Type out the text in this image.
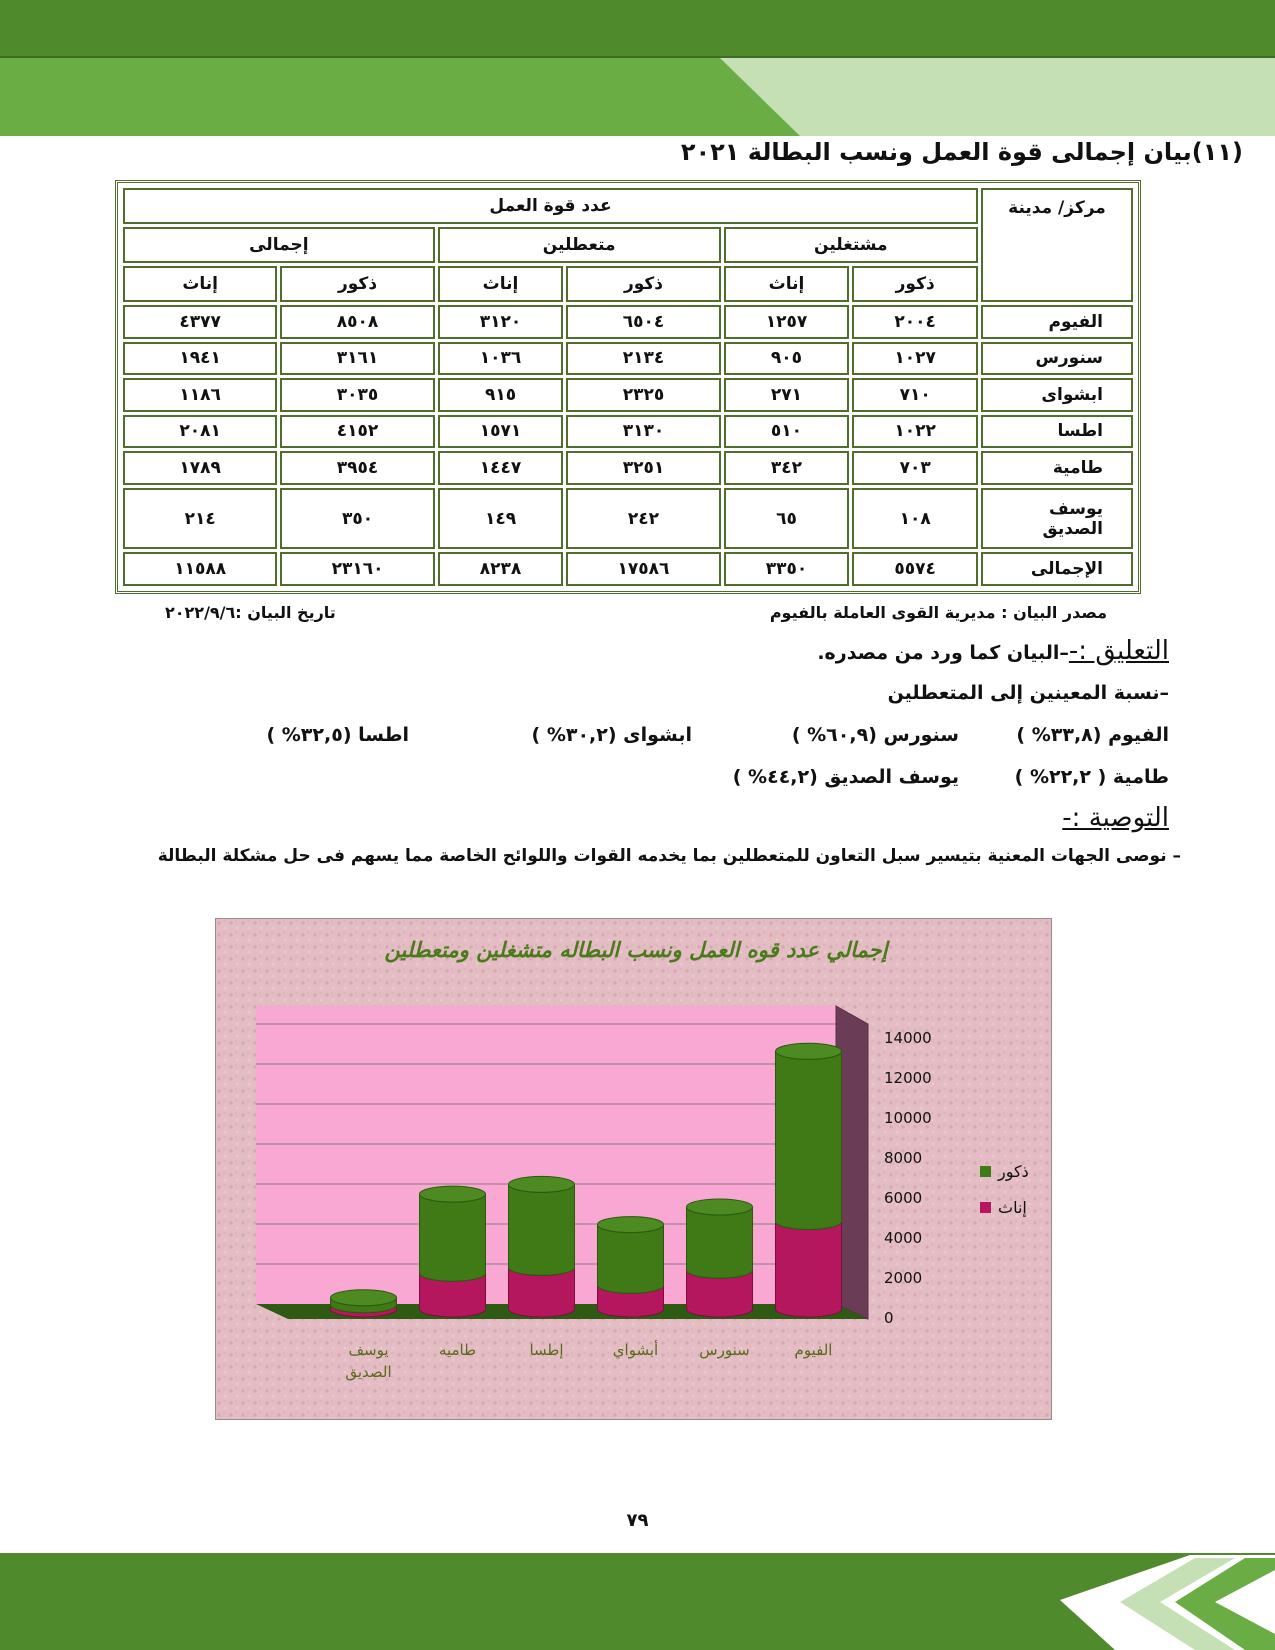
(١١)بيان إجمالى قوة العمل ونسب البطالة ٢٠٢١
مركز/ مدينة	عدد قوة العمل					
	مشتغلين		متعطلين		إجمالى	
	ذكور	إناث	ذكور	إناث	ذكور	إناث
الفيوم	٢٠٠٤	١٢٥٧	٦٥٠٤	٣١٢٠	٨٥٠٨	٤٣٧٧
سنورس	١٠٢٧	٩٠٥	٢١٣٤	١٠٣٦	٣١٦١	١٩٤١
ابشواى	٧١٠	٢٧١	٢٣٢٥	٩١٥	٣٠٣٥	١١٨٦
اطسا	١٠٢٢	٥١٠	٣١٣٠	١٥٧١	٤١٥٢	٢٠٨١
طامية	٧٠٣	٣٤٢	٣٢٥١	١٤٤٧	٣٩٥٤	١٧٨٩
يوسف الصديق	١٠٨	٦٥	٢٤٢	١٤٩	٣٥٠	٢١٤
الإجمالى	٥٥٧٤	٣٣٥٠	١٧٥٨٦	٨٢٣٨	٢٣١٦٠	١١٥٨٨
مصدر البيان : مديرية القوى العاملة بالفيوم
تاريخ البيان :٢٠٢٢/٩/٦
التعليق :-–البيان كما ورد من مصدره.
–نسبة المعينين إلى المتعطلين
الفيوم (٣٣,٨% )
سنورس (٦٠,٩% )
ابشواى (٣٠,٢% )
اطسا (٣٢,٥% )
طامية ( ٢٢,٢% )
يوسف الصديق (٤٤,٢% )
التوصية :-
– نوصى الجهات المعنية بتيسير سبل التعاون للمتعطلين بما يخدمه القوات واللوائح الخاصة مما يسهم فى حل مشكلة البطالة
إجمالي عدد قوه العمل ونسب البطاله متشغلين ومتعطلين
0
2000
4000
6000
8000
10000
12000
14000
يوسف
الصديق
طاميه	إطسا	أبشواي	سنورس	الفيوم
ذكور
إناث
٧٩
